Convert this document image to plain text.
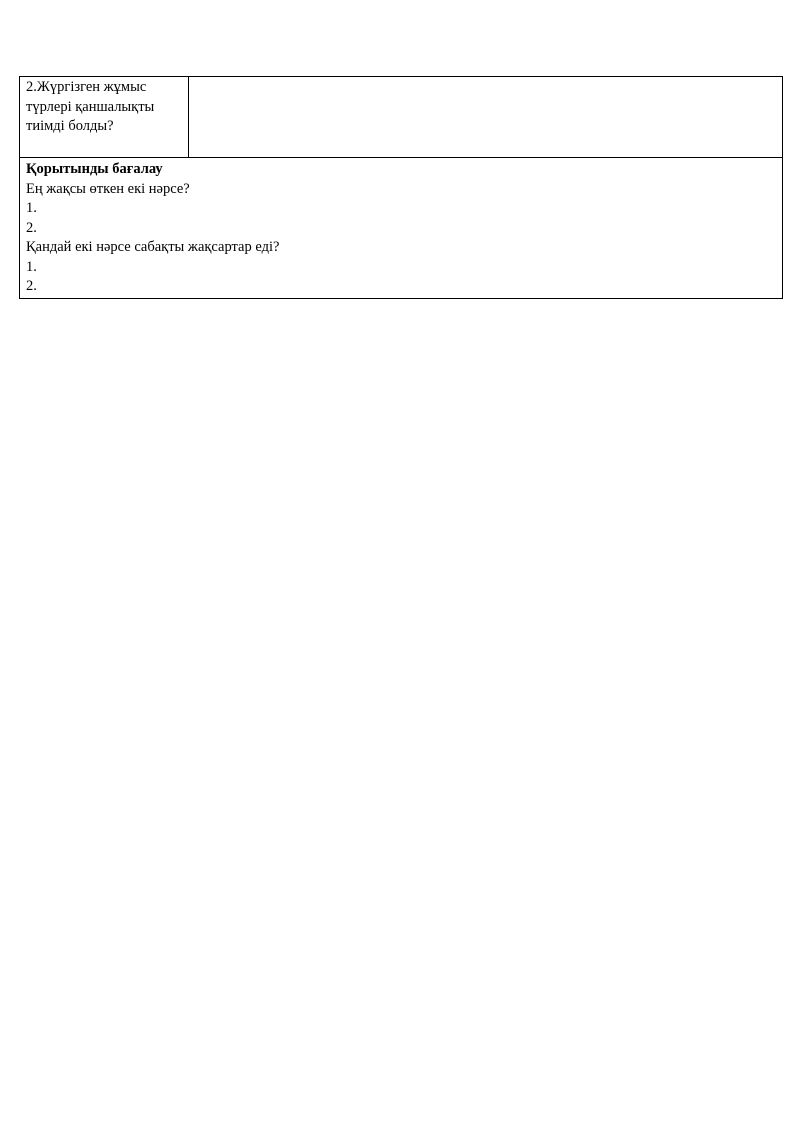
2.Жүргізген жұмыс
түрлері қаншалықты
тиімді болды?

Қорытынды бағалау
Ең жақсы өткен екі нәрсе?
1.
2.
Қандай екі нәрсе сабақты жақсартар еді?
1.
2.
